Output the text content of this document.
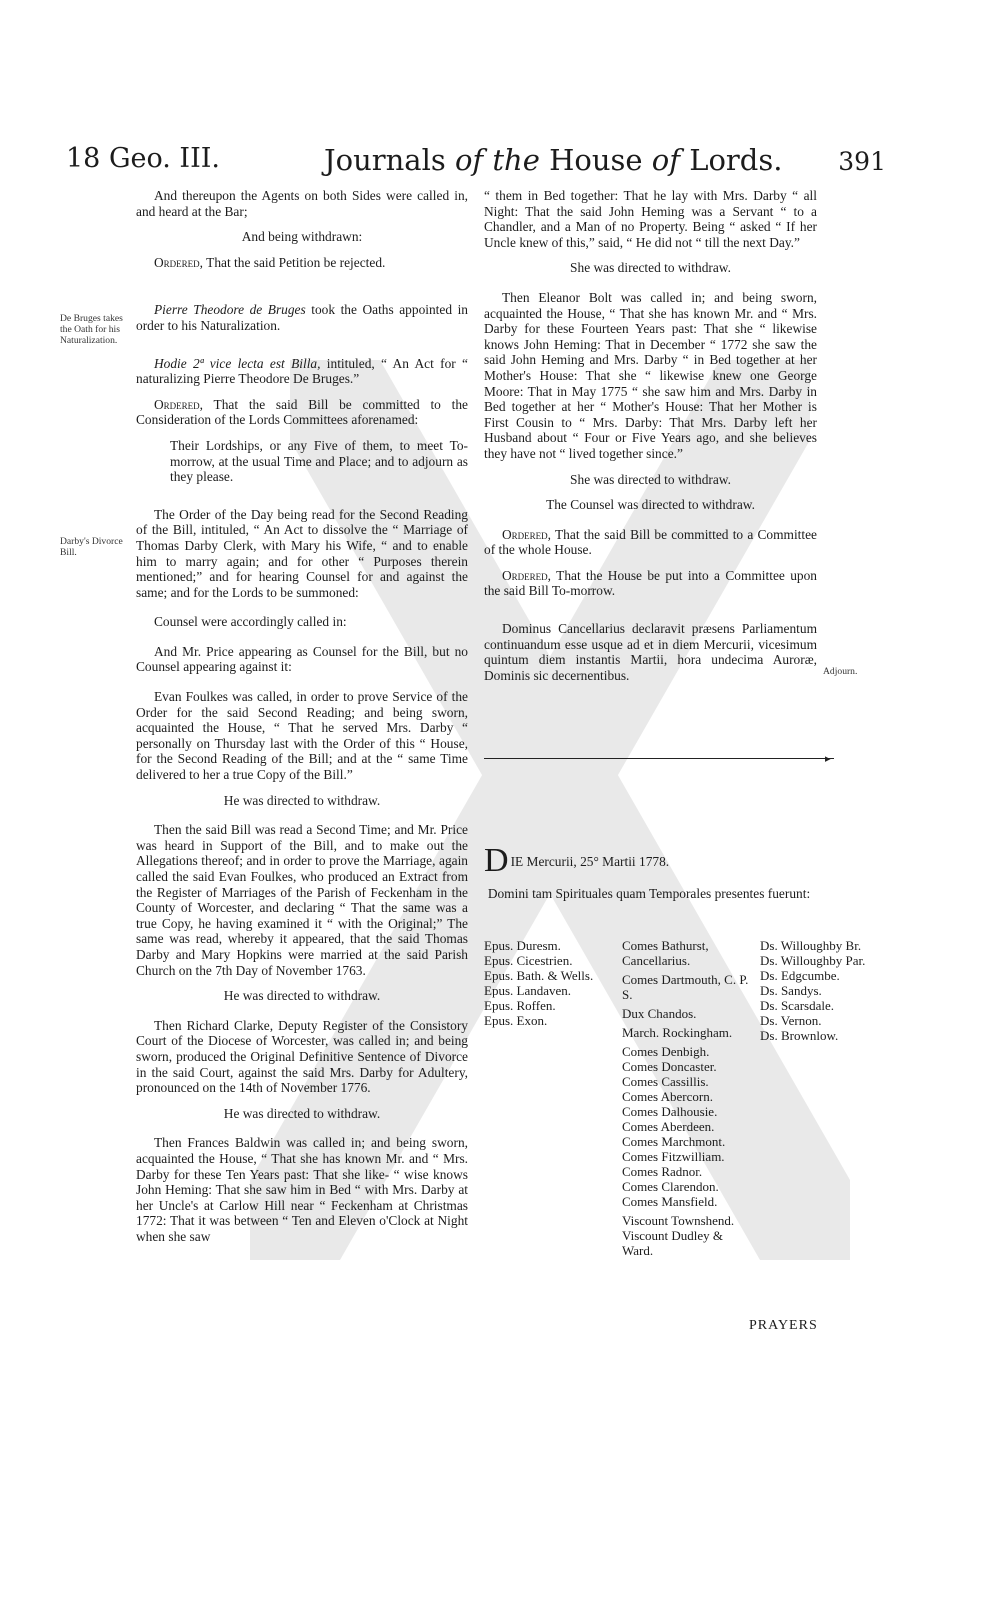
18 Geo. III.	Journals of the House of Lords. 391
De Bruges takes the Oath for his Naturalization.
Darby's Divorce Bill.
Adjourn.

And thereupon the Agents on both Sides were called in, and heard at the Bar;

And being withdrawn:

Ordered, That the said Petition be rejected.

Pierre Theodore de Bruges took the Oaths appointed in order to his Naturalization.

Hodie 2ª vice lecta est Billa, intituled, “ An Act for “ naturalizing Pierre Theodore De Bruges.”

Ordered, That the said Bill be committed to the Consideration of the Lords Committees aforenamed:

Their Lordships, or any Five of them, to meet To-morrow, at the usual Time and Place; and to adjourn as they please.

The Order of the Day being read for the Second Reading of the Bill, intituled, “ An Act to dissolve the “ Marriage of Thomas Darby Clerk, with Mary his Wife, “ and to enable him to marry again; and for other “ Purposes therein mentioned;” and for hearing Counsel for and against the same; and for the Lords to be summoned:

Counsel were accordingly called in:

And Mr. Price appearing as Counsel for the Bill, but no Counsel appearing against it:

Evan Foulkes was called, in order to prove Service of the Order for the said Second Reading; and being sworn, acquainted the House, “ That he served Mrs. Darby “ personally on Thursday last with the Order of this “ House, for the Second Reading of the Bill; and at the “ same Time delivered to her a true Copy of the Bill.”

He was directed to withdraw.

Then the said Bill was read a Second Time; and Mr. Price was heard in Support of the Bill, and to make out the Allegations thereof; and in order to prove the Marriage, again called the said Evan Foulkes, who produced an Extract from the Register of Marriages of the Parish of Feckenham in the County of Worcester, and declaring “ That the same was a true Copy, he having examined it “ with the Original;” The same was read, whereby it appeared, that the said Thomas Darby and Mary Hopkins were married at the said Parish Church on the 7th Day of November 1763.

He was directed to withdraw.

Then Richard Clarke, Deputy Register of the Consistory Court of the Diocese of Worcester, was called in; and being sworn, produced the Original Definitive Sentence of Divorce in the said Court, against the said Mrs. Darby for Adultery, pronounced on the 14th of November 1776.

He was directed to withdraw.

Then Frances Baldwin was called in; and being sworn, acquainted the House, “ That she has known Mr. and “ Mrs. Darby for these Ten Years past: That she like- “ wise knows John Heming: That she saw him in Bed “ with Mrs. Darby at her Uncle's at Carlow Hill near “ Feckenham at Christmas 1772: That it was between “ Ten and Eleven o'Clock at Night when she saw

“ them in Bed together: That he lay with Mrs. Darby “ all Night: That the said John Heming was a Servant “ to a Chandler, and a Man of no Property. Being “ asked “ If her Uncle knew of this,” said, “ He did not “ till the next Day.”

She was directed to withdraw.

Then Eleanor Bolt was called in; and being sworn, acquainted the House, “ That she has known Mr. and “ Mrs. Darby for these Fourteen Years past: That she “ likewise knows John Heming: That in December “ 1772 she saw the said John Heming and Mrs. Darby “ in Bed together at her Mother's House: That she “ likewise knew one George Moore: That in May 1775 “ she saw him and Mrs. Darby in Bed together at her “ Mother's House: That her Mother is First Cousin to “ Mrs. Darby: That Mrs. Darby left her Husband about “ Four or Five Years ago, and she believes they have not “ lived together since.”

She was directed to withdraw.

The Counsel was directed to withdraw.

Ordered, That the said Bill be committed to a Committee of the whole House.

Ordered, That the House be put into a Committee upon the said Bill To-morrow.

Dominus Cancellarius declaravit præsens Parliamentum continuandum esse usque ad et in diem Mercurii, vicesimum quintum diem instantis Martii, hora undecima Auroræ, Dominis sic decernentibus.

▸
D IE Mercurii, 25° Martii 1778.
Domini tam Spirituales quam Temporales presentes fuerunt:
Epus. Duresm.
Epus. Cicestrien.
Epus. Bath. & Wells.
Epus. Landaven.
Epus. Roffen.
Epus. Exon.
Comes Bathurst, Cancellarius.
Comes Dartmouth, C. P. S.
Dux Chandos.
March. Rockingham.
Comes Denbigh.
Comes Doncaster.
Comes Cassillis.
Comes Abercorn.
Comes Dalhousie.
Comes Aberdeen.
Comes Marchmont.
Comes Fitzwilliam.
Comes Radnor.
Comes Clarendon.
Comes Mansfield.
Viscount Townshend.
Viscount Dudley & Ward.
Ds. Willoughby Br.
Ds. Willoughby Par.
Ds. Edgcumbe.
Ds. Sandys.
Ds. Scarsdale.
Ds. Vernon.
Ds. Brownlow.
PRAYERS
